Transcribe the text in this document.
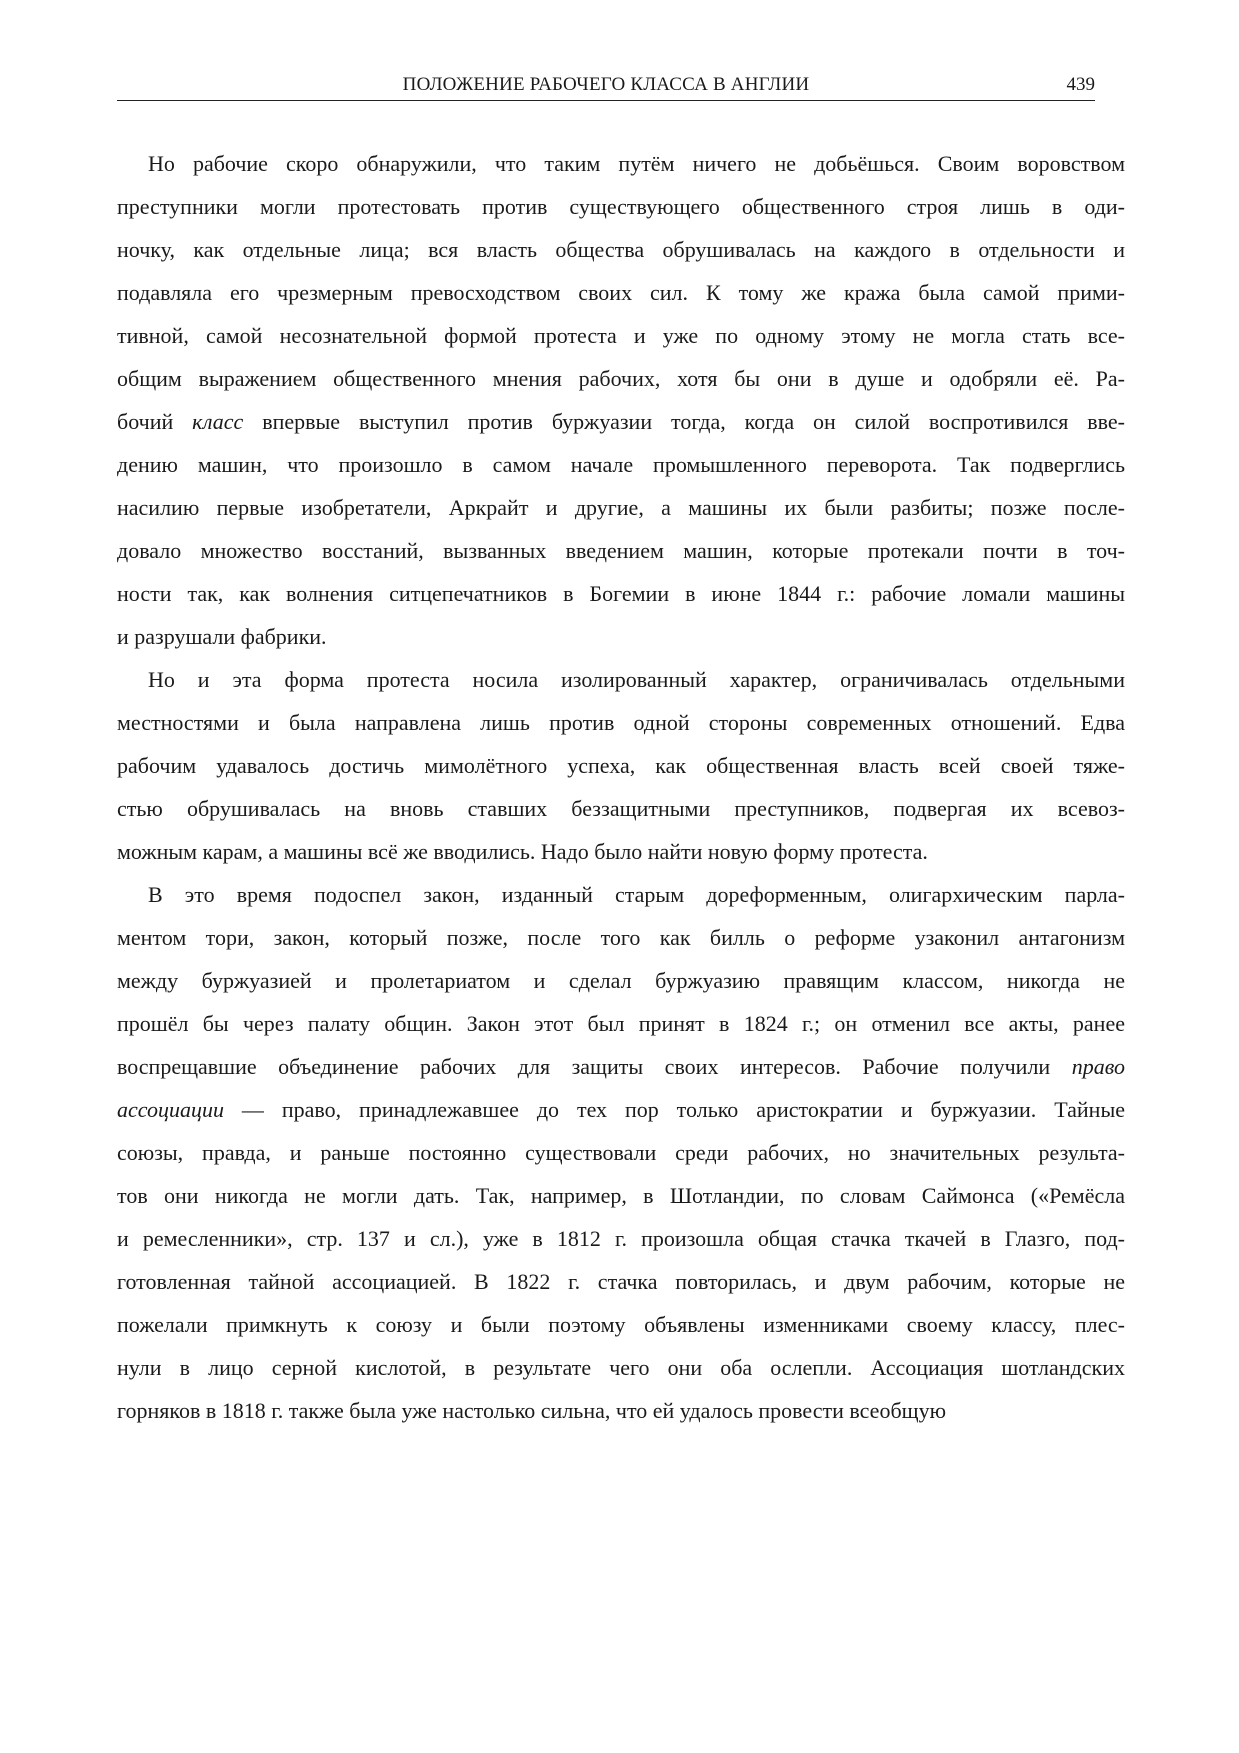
ПОЛОЖЕНИЕ РАБОЧЕГО КЛАССА В АНГЛИИ	439
Но рабочие скоро обнаружили, что таким путём ничего не добьёшься. Своим воровством
преступники могли протестовать против существующего общественного строя лишь в оди-
ночку, как отдельные лица; вся власть общества обрушивалась на каждого в отдельности и
подавляла его чрезмерным превосходством своих сил. К тому же кража была самой прими-
тивной, самой несознательной формой протеста и уже по одному этому не могла стать все-
общим выражением общественного мнения рабочих, хотя бы они в душе и одобряли её. Ра-
бочий класс впервые выступил против буржуазии тогда, когда он силой воспротивился вве-
дению машин, что произошло в самом начале промышленного переворота. Так подверглись
насилию первые изобретатели, Аркрайт и другие, а машины их были разбиты; позже после-
довало множество восстаний, вызванных введением машин, которые протекали почти в точ-
ности так, как волнения ситцепечатников в Богемии в июне 1844 г.: рабочие ломали машины
и разрушали фабрики.
Но и эта форма протеста носила изолированный характер, ограничивалась отдельными
местностями и была направлена лишь против одной стороны современных отношений. Едва
рабочим удавалось достичь мимолётного успеха, как общественная власть всей своей тяже-
стью обрушивалась на вновь ставших беззащитными преступников, подвергая их всевоз-
можным карам, а машины всё же вводились. Надо было найти новую форму протеста.
В это время подоспел закон, изданный старым дореформенным, олигархическим парла-
ментом тори, закон, который позже, после того как билль о реформе узаконил антагонизм
между буржуазией и пролетариатом и сделал буржуазию правящим классом, никогда не
прошёл бы через палату общин. Закон этот был принят в 1824 г.; он отменил все акты, ранее
воспрещавшие объединение рабочих для защиты своих интересов. Рабочие получили право
ассоциации — право, принадлежавшее до тех пор только аристократии и буржуазии. Тайные
союзы, правда, и раньше постоянно существовали среди рабочих, но значительных результа-
тов они никогда не могли дать. Так, например, в Шотландии, по словам Саймонса («Ремёсла
и ремесленники», стр. 137 и сл.), уже в 1812 г. произошла общая стачка ткачей в Глазго, под-
готовленная тайной ассоциацией. В 1822 г. стачка повторилась, и двум рабочим, которые не
пожелали примкнуть к союзу и были поэтому объявлены изменниками своему классу, плес-
нули в лицо серной кислотой, в результате чего они оба ослепли. Ассоциация шотландских
горняков в 1818 г. также была уже настолько сильна, что ей удалось провести всеобщую
